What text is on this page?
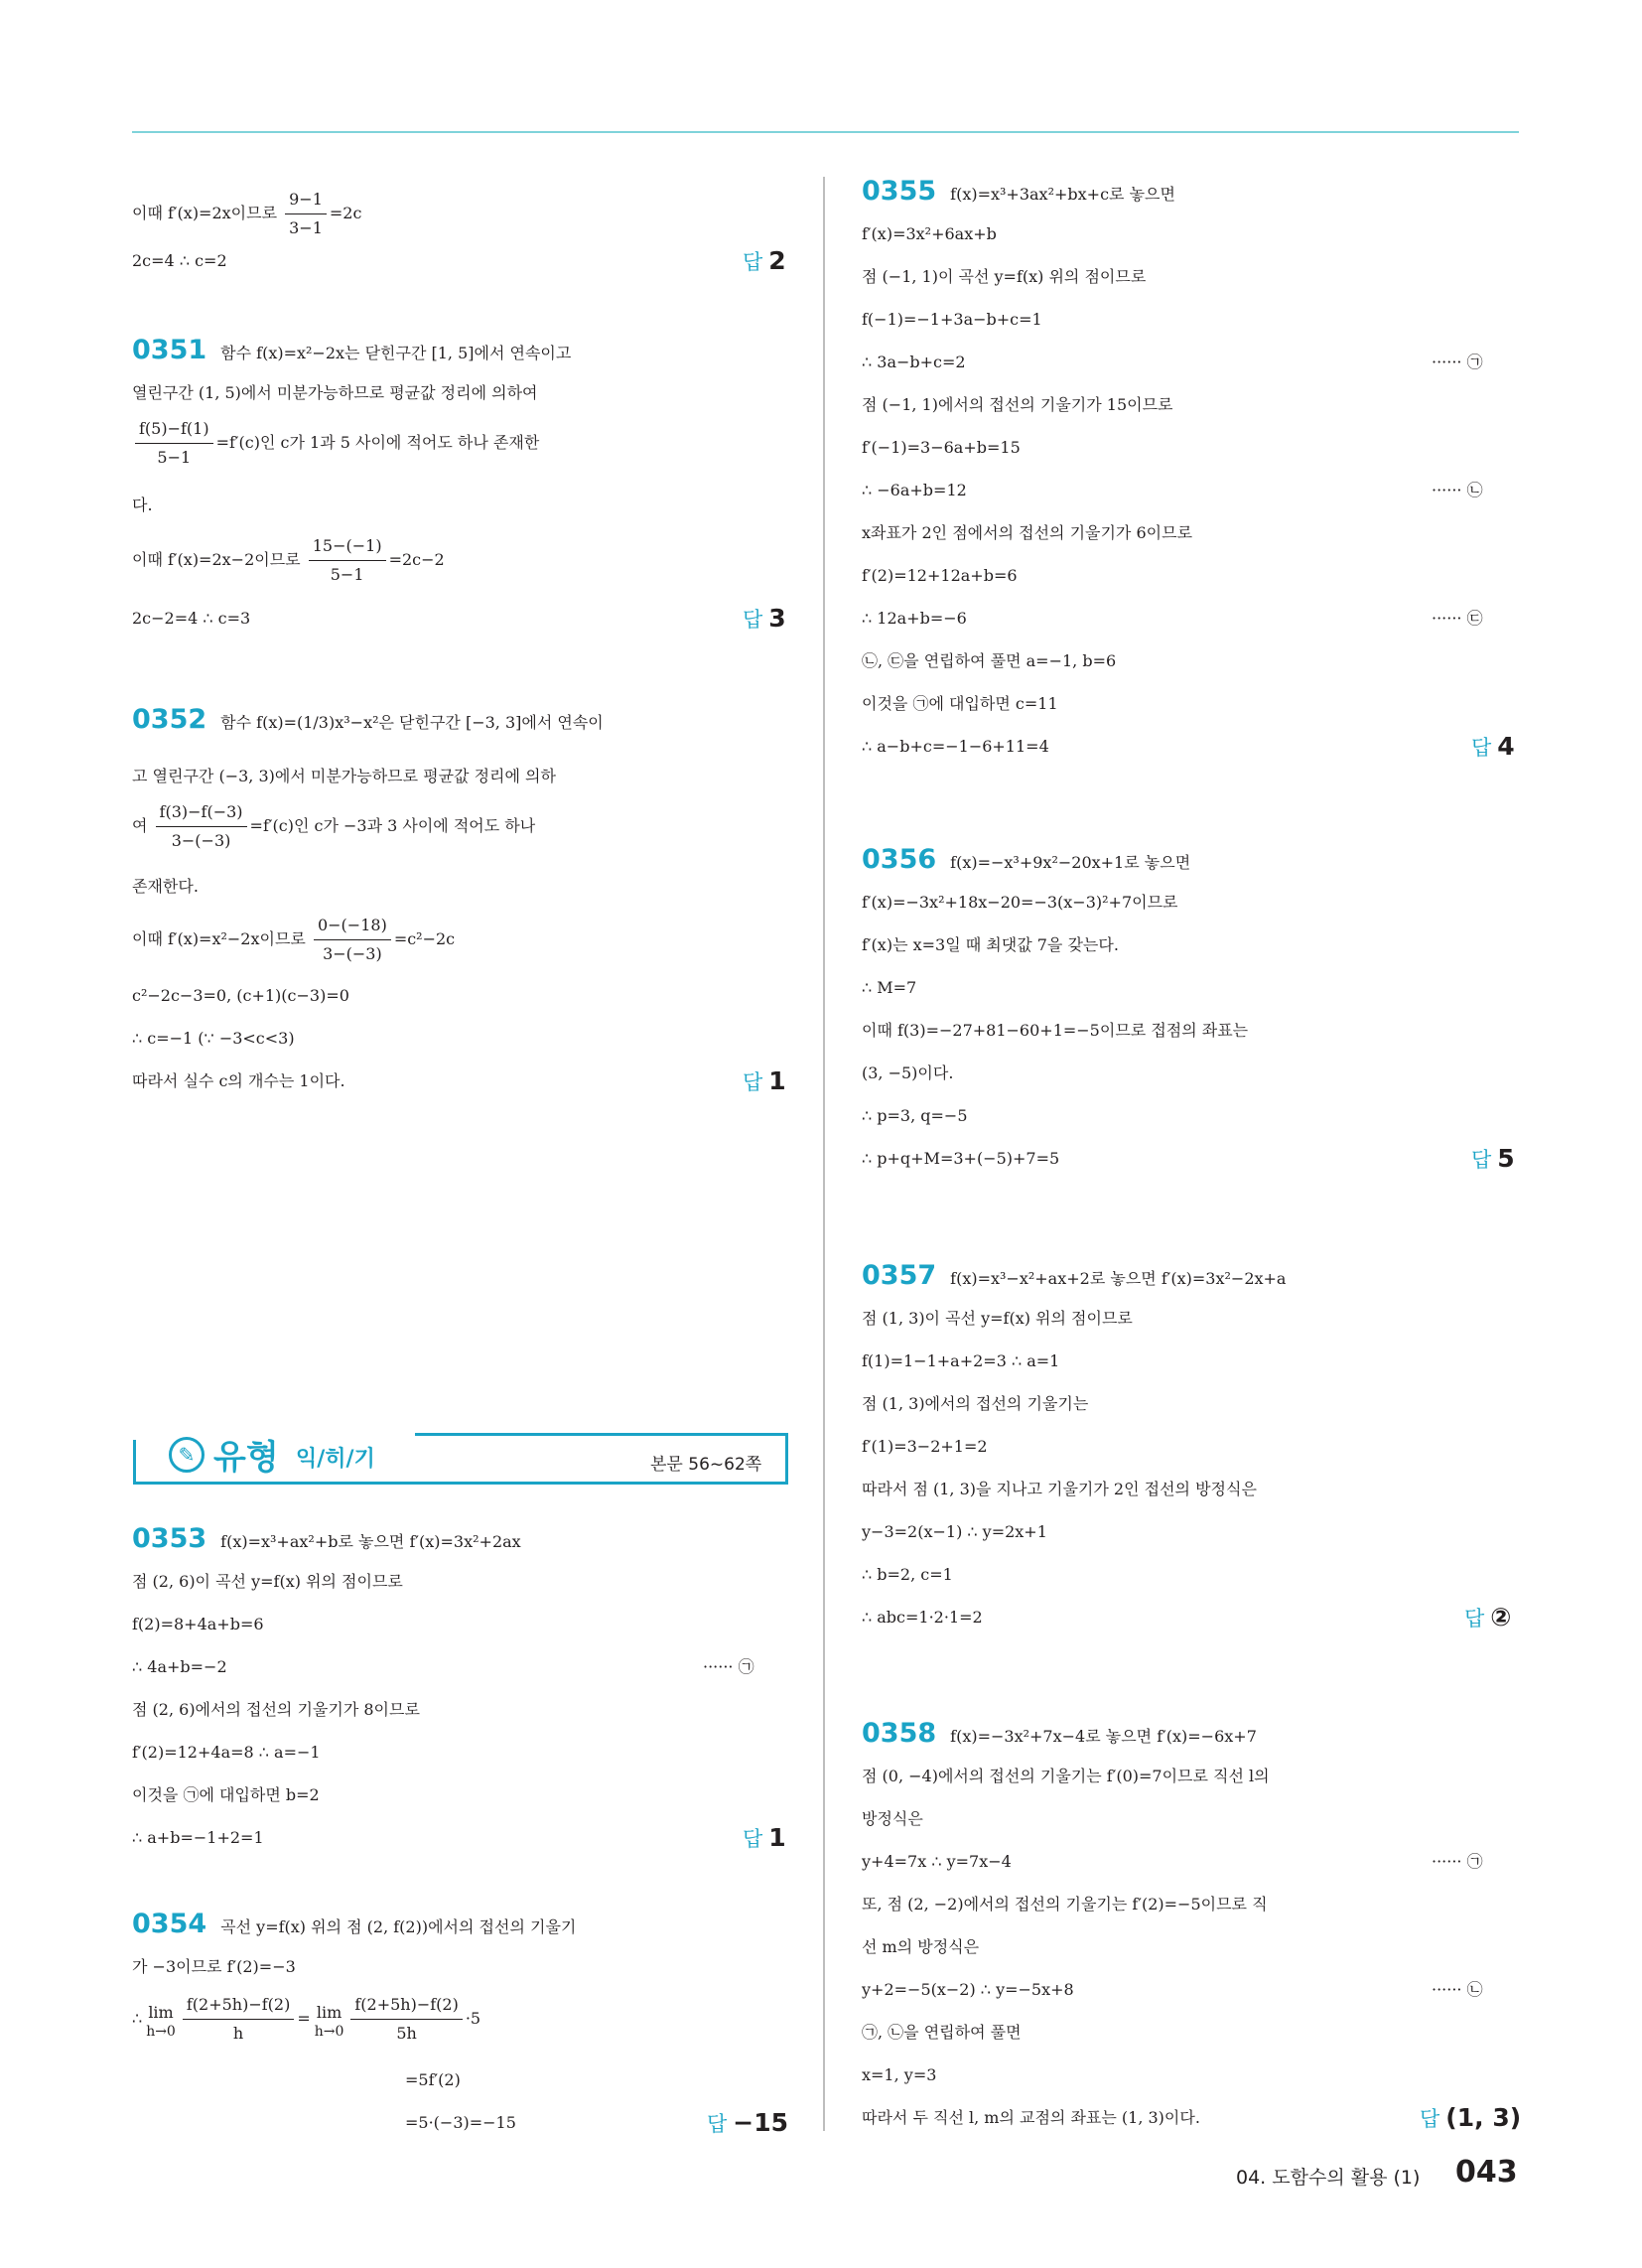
이때 f′(x)=2x이므로 $\frac{9-1}{3-1} =2c$
2c=4 ∴ c=2	답 2
0351 함수 f(x)=x²−2x는 닫힌구간 [1, 5]에서 연속이고
열린구간 (1, 5)에서 미분가능하므로 평균값 정리에 의하여
$\frac{f(5)-f(1)}{5-1} =f'(c)$인 c가 1과 5 사이에 적어도 하나 존재한
다.
이때 f′(x)=2x−2이므로 $\frac{15-(-1)}{5-1} =2c-2$
2c−2=4 ∴ c=3	답 3
0352 함수 f(x)=(1/3)x³−x²은 닫힌구간 [−3, 3]에서 연속이
고 열린구간 (−3, 3)에서 미분가능하므로 평균값 정리에 의하
여 $\frac{f(3)-f(-3)}{3-(-3)} =f'(c)$인 c가 −3과 3 사이에 적어도 하나
존재한다.
이때 f′(x)=x²−2x이므로 $\frac{0-(-18)}{3-(-3)} =c^2-2c$
c²−2c−3=0, (c+1)(c−3)=0
∴ c=−1 (∵ −3<c<3)
따라서 실수 c의 개수는 1이다.	답 1
✎ 유형 익/히/기	본문 56~62쪽
0353 f(x)=x³+ax²+b로 놓으면 f′(x)=3x²+2ax
점 (2, 6)이 곡선 y=f(x) 위의 점이므로
f(2)=8+4a+b=6
∴ 4a+b=−2	······ ㉠
점 (2, 6)에서의 접선의 기울기가 8이므로
f′(2)=12+4a=8 ∴ a=−1
이것을 ㉠에 대입하면 b=2
∴ a+b=−1+2=1	답 1
0354 곡선 y=f(x) 위의 점 (2, f(2))에서의 접선의 기울기
가 −3이므로 f′(2)=−3
∴ lim
$h\to 0 \frac{f(2+5h)-f(2)}{h} = \lim$
$h\to 0 \frac{f(2+5h)-f(2)}{5h} \cdot 5$
=5f′(2)
=5·(−3)=−15	답 −15
0355 f(x)=x³+3ax²+bx+c로 놓으면
f′(x)=3x²+6ax+b
점 (−1, 1)이 곡선 y=f(x) 위의 점이므로
f(−1)=−1+3a−b+c=1
∴ 3a−b+c=2	······ ㉠
점 (−1, 1)에서의 접선의 기울기가 15이므로
f′(−1)=3−6a+b=15
∴ −6a+b=12	······ ㉡
x좌표가 2인 점에서의 접선의 기울기가 6이므로
f′(2)=12+12a+b=6
∴ 12a+b=−6	······ ㉢
㉡, ㉢을 연립하여 풀면 a=−1, b=6
이것을 ㉠에 대입하면 c=11
∴ a−b+c=−1−6+11=4	답 4
0356 f(x)=−x³+9x²−20x+1로 놓으면
f′(x)=−3x²+18x−20=−3(x−3)²+7이므로
f′(x)는 x=3일 때 최댓값 7을 갖는다.
∴ M=7
이때 f(3)=−27+81−60+1=−5이므로 접점의 좌표는
(3, −5)이다.
∴ p=3, q=−5
∴ p+q+M=3+(−5)+7=5	답 5
0357 f(x)=x³−x²+ax+2로 놓으면 f′(x)=3x²−2x+a
점 (1, 3)이 곡선 y=f(x) 위의 점이므로
f(1)=1−1+a+2=3 ∴ a=1
점 (1, 3)에서의 접선의 기울기는
f′(1)=3−2+1=2
따라서 점 (1, 3)을 지나고 기울기가 2인 접선의 방정식은
y−3=2(x−1) ∴ y=2x+1
∴ b=2, c=1
∴ abc=1·2·1=2	답 ②
0358 f(x)=−3x²+7x−4로 놓으면 f′(x)=−6x+7
점 (0, −4)에서의 접선의 기울기는 f′(0)=7이므로 직선 l의
방정식은
y+4=7x ∴ y=7x−4	······ ㉠
또, 점 (2, −2)에서의 접선의 기울기는 f′(2)=−5이므로 직
선 m의 방정식은
y+2=−5(x−2) ∴ y=−5x+8	······ ㉡
㉠, ㉡을 연립하여 풀면
x=1, y=3
따라서 두 직선 l, m의 교점의 좌표는 (1, 3)이다.	답 (1, 3)
04. 도함수의 활용 (1) 043
